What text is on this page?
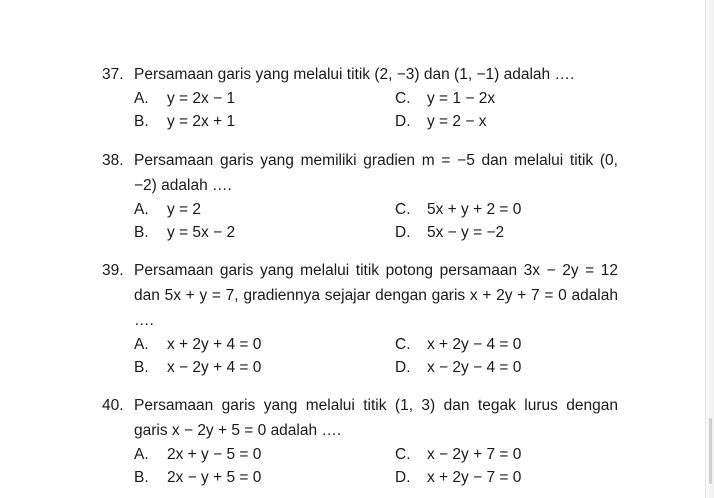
37. Persamaan garis yang melalui titik (2, −3) dan (1, −1) adalah ….
A. y = 2x − 1	C. y = 1 − 2x
B. y = 2x + 1	D. y = 2 − x
38. Persamaan garis yang memiliki gradien m = −5 dan melalui titik (0,
−2) adalah ….
A. y = 2	C. 5x + y + 2 = 0
B. y = 5x − 2	D. 5x − y = −2
39. Persamaan garis yang melalui titik potong persamaan 3x − 2y = 12
dan 5x + y = 7, gradiennya sejajar dengan garis x + 2y + 7 = 0 adalah
….
A. x + 2y + 4 = 0	C. x + 2y − 4 = 0
B. x − 2y + 4 = 0	D. x − 2y − 4 = 0
40. Persamaan garis yang melalui titik (1, 3) dan tegak lurus dengan
garis x − 2y + 5 = 0 adalah ….
A. 2x + y − 5 = 0	C. x − 2y + 7 = 0
B. 2x − y + 5 = 0	D. x + 2y − 7 = 0
